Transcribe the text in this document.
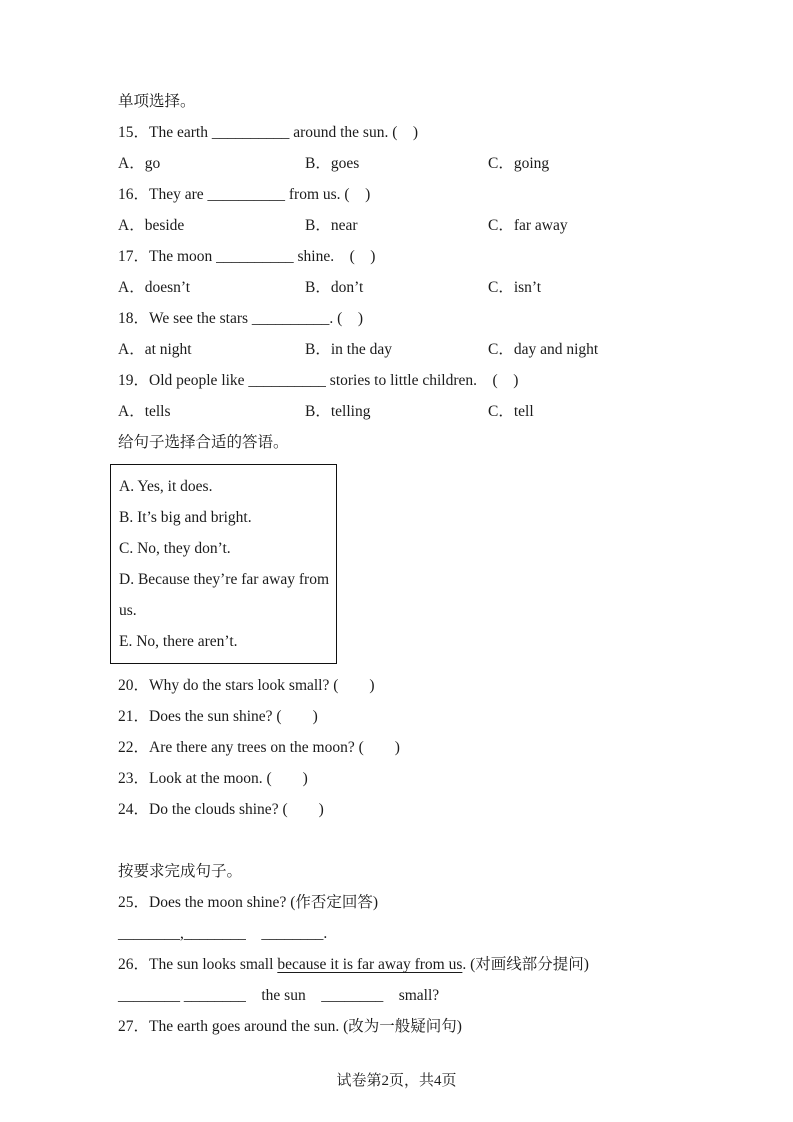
单项选择。

15．The earth __________ around the sun. (　)

A．go	B．goes	C．going

16．They are __________ from us. (　)

A．beside	B．near	C．far away

17．The moon __________ shine.　(　)

A．doesn’t	B．don’t	C．isn’t

18．We see the stars __________. (　)

A．at night	B．in the day	C．day and night

19．Old people like __________ stories to little children.　(　)

A．tells	B．telling	C．tell

给句子选择合适的答语。

A. Yes, it does.

B. It’s big and bright.

C. No, they don’t.

D. Because they’re far away from us.

E. No, there aren’t.

20．Why do the stars look small? (　　)

21．Does the sun shine? (　　)

22．Are there any trees on the moon? (　　)

23．Look at the moon. (　　)

24．Do the clouds shine? (　　)

按要求完成句子。

25．Does the moon shine? (作否定回答)

________,________　________.

26．The sun looks small because it is far away from us. (对画线部分提问)

________ ________　the sun　________　small?

27．The earth goes around the sun. (改为一般疑问句)

试卷第2页，共4页
